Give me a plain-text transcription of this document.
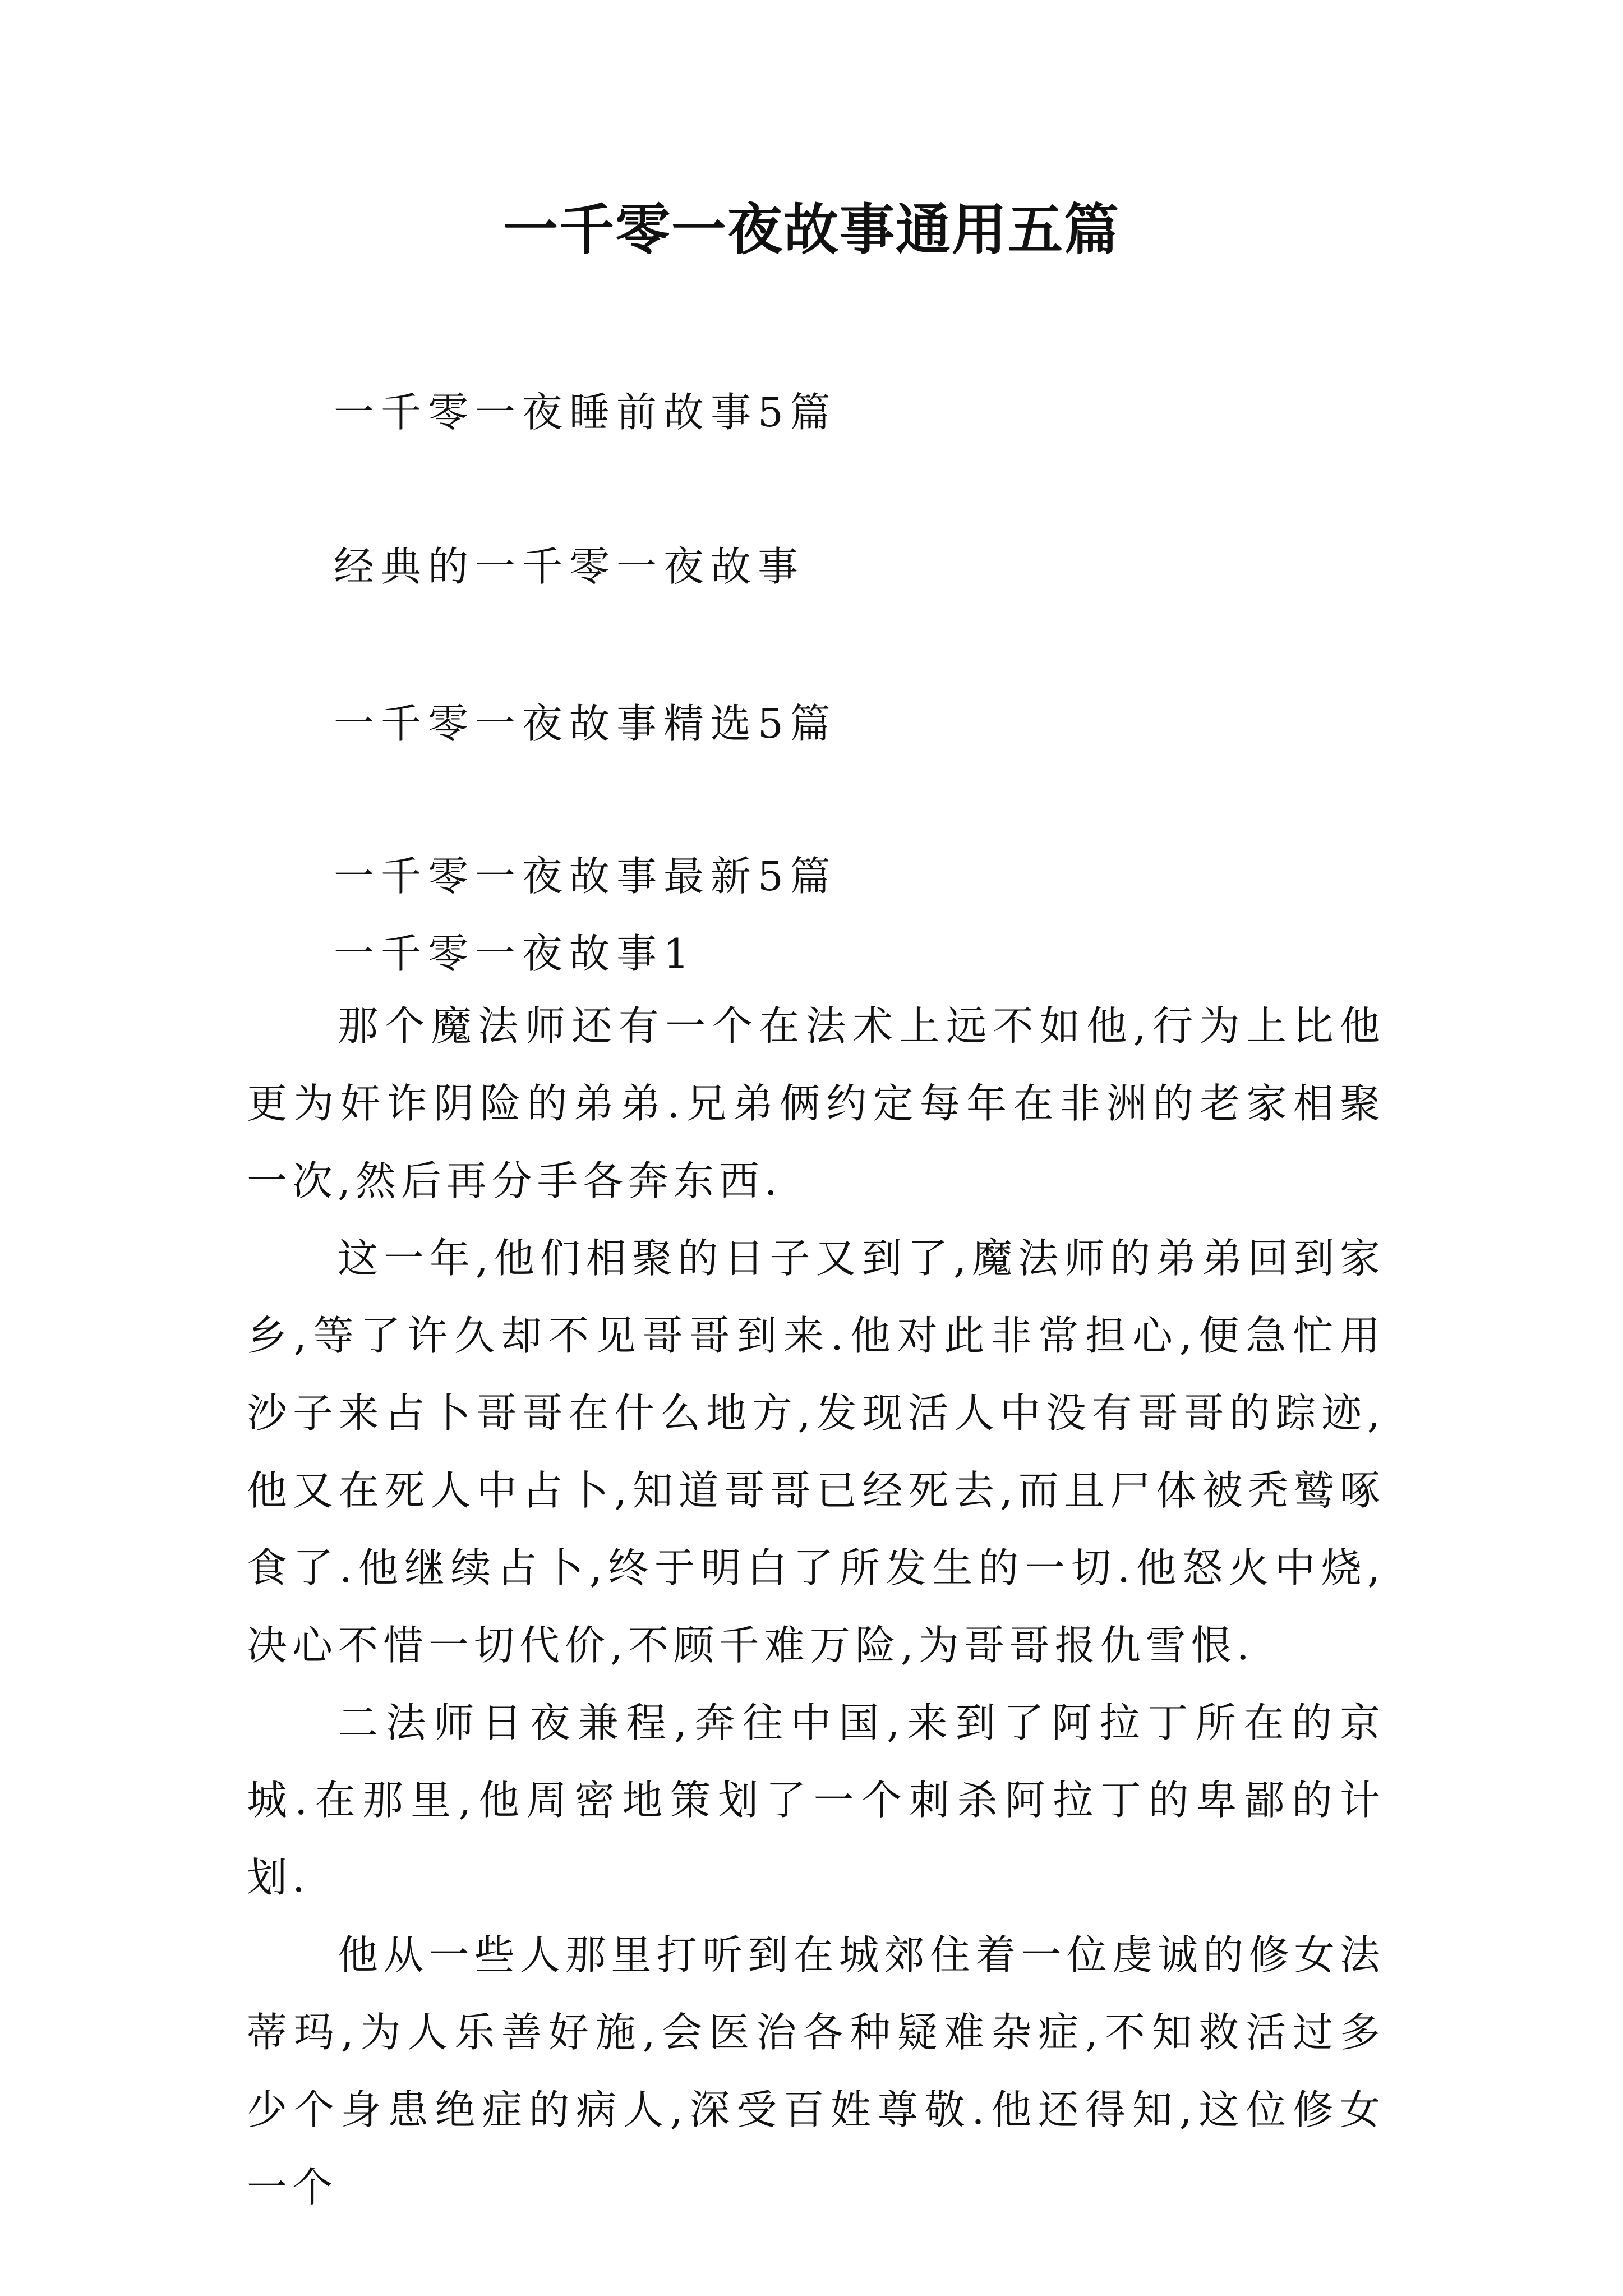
一千零一夜故事通用五篇
一千零一夜睡前故事5篇
经典的一千零一夜故事
一千零一夜故事精选5篇
一千零一夜故事最新5篇
一千零一夜故事1

那个魔法师还有一个在法术上远不如他,行为上比他更为奸诈阴险的弟弟.兄弟俩约定每年在非洲的老家相聚一次,然后再分手各奔东西.

这一年,他们相聚的日子又到了,魔法师的弟弟回到家乡,等了许久却不见哥哥到来.他对此非常担心,便急忙用沙子来占卜哥哥在什么地方,发现活人中没有哥哥的踪迹,他又在死人中占卜,知道哥哥已经死去,而且尸体被秃鹫啄食了.他继续占卜,终于明白了所发生的一切.他怒火中烧,决心不惜一切代价,不顾千难万险,为哥哥报仇雪恨.

二法师日夜兼程,奔往中国,来到了阿拉丁所在的京城.在那里,他周密地策划了一个刺杀阿拉丁的卑鄙的计划.

他从一些人那里打听到在城郊住着一位虔诚的修女法蒂玛,为人乐善好施,会医治各种疑难杂症,不知救活过多少个身患绝症的病人,深受百姓尊敬.他还得知,这位修女一个
